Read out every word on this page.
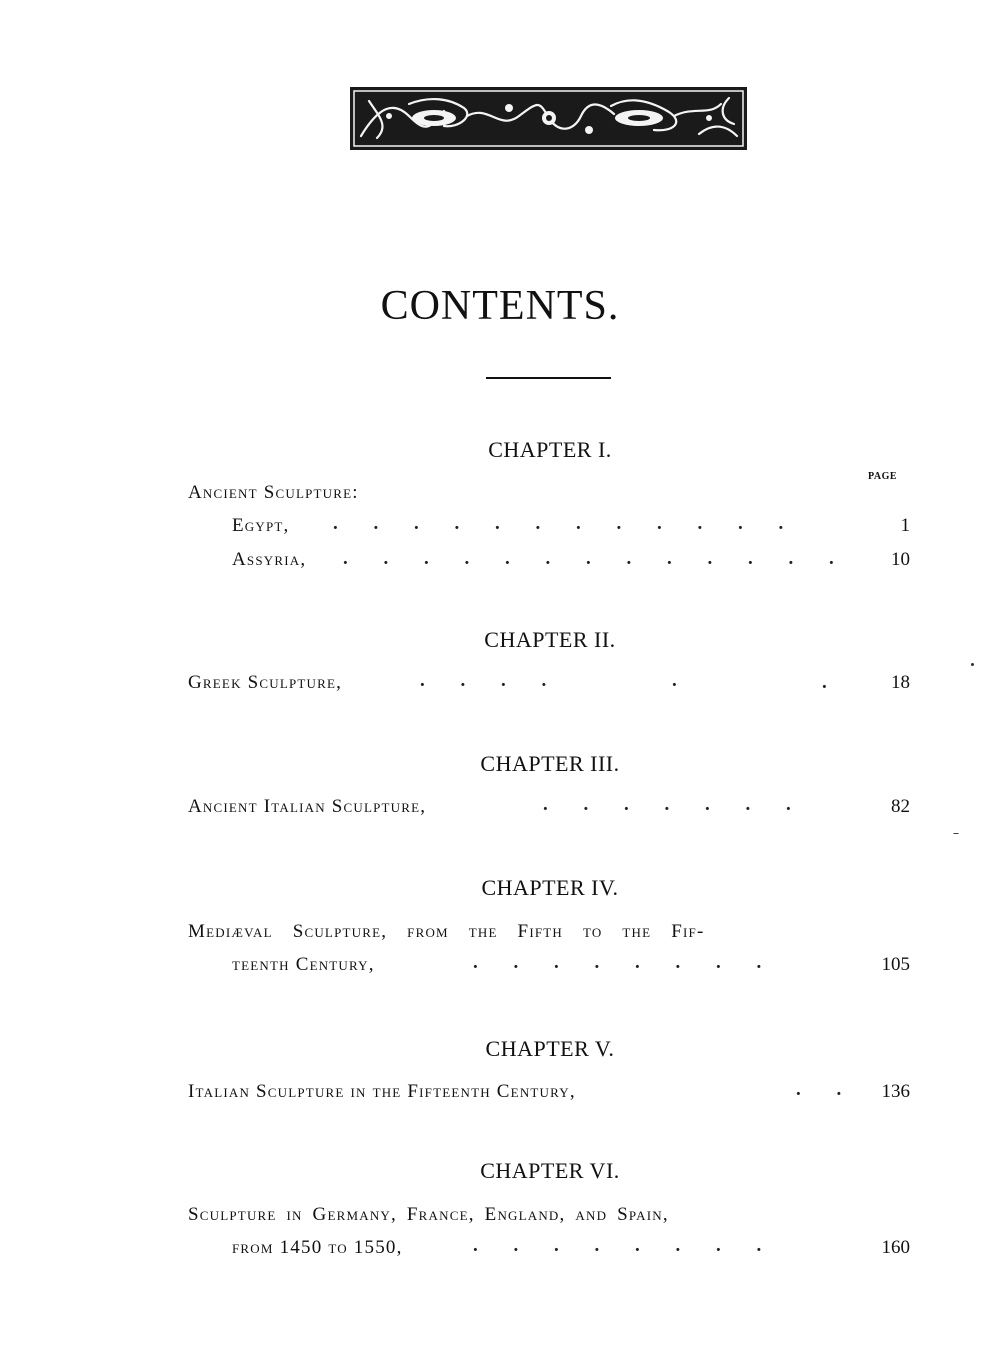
CONTENTS.
CHAPTER I.
PAGE
Ancient Sculpture:
Egypt, . . . . . . . . . . . .	1
Assyria, . . . . . . . . . . . . .	10
CHAPTER II.
Greek Sculpture,	. . . .	.	.	18
CHAPTER III.
Ancient Italian Sculpture,	. . . . . . .	82
CHAPTER IV.
Mediæval Sculpture, from the Fifth to the Fif-
teenth Century,	. . . . . . . .	105
CHAPTER V.
Italian Sculpture in the Fifteenth Century,	. .	136
CHAPTER VI.
Sculpture in Germany, France, England, and Spain,
from 1450 to 1550,	. . . . . . . .	160
